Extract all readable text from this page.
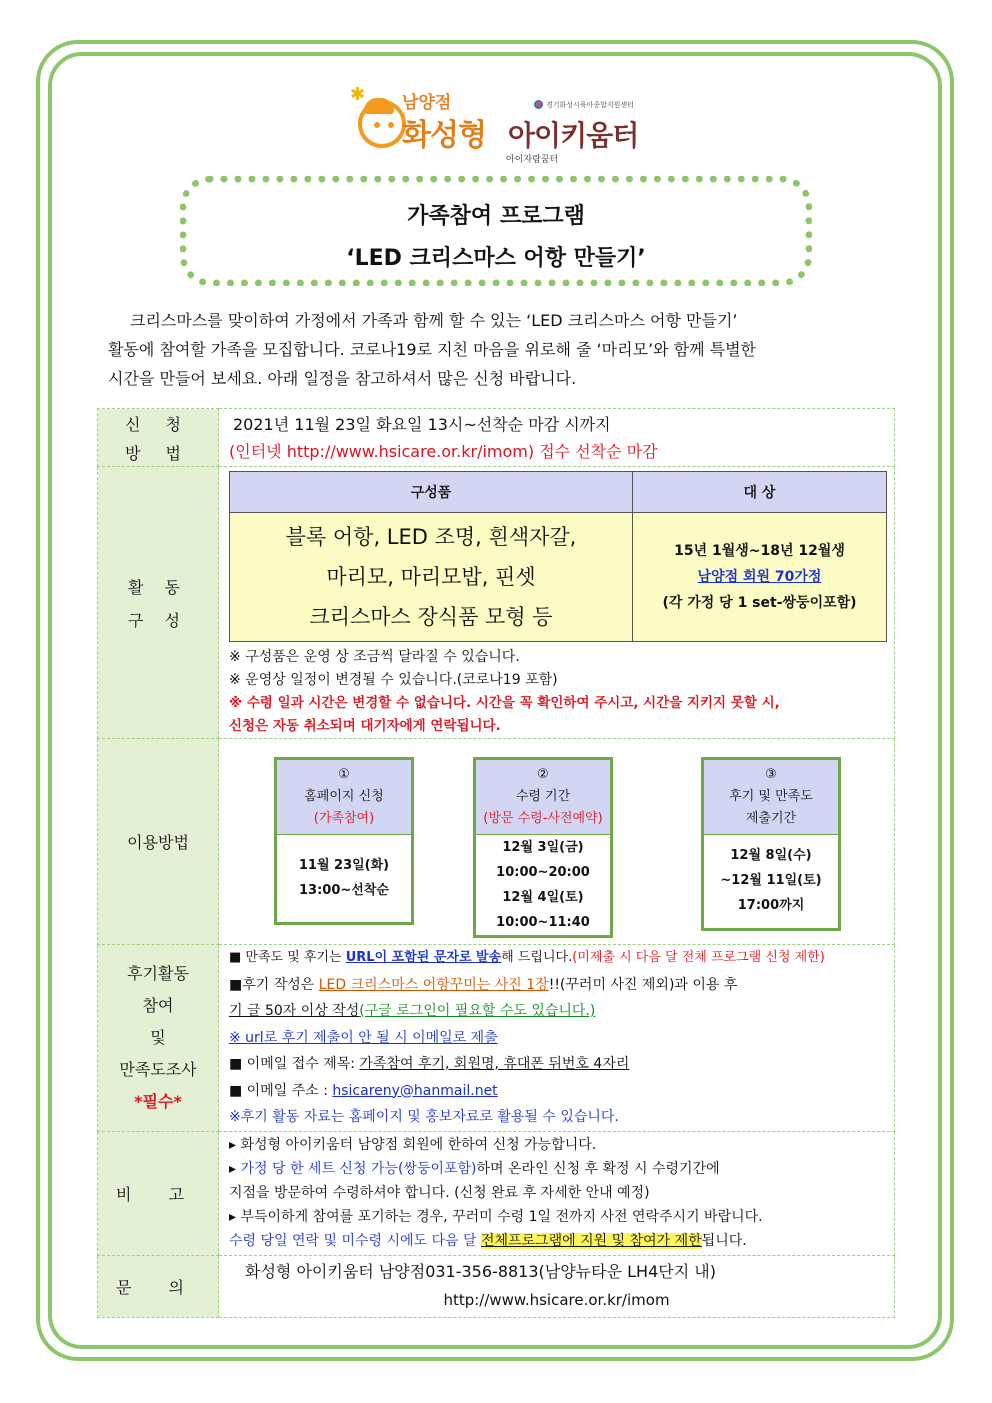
✱ 남양점
화성형 아이키움터
아이자람꿈터
경기화성시육아종합지원센터
가족참여 프로그램
‘LED 크리스마스 어항 만들기’
크리스마스를 맞이하여 가정에서 가족과 함께 할 수 있는 ‘LED 크리스마스 어항 만들기’
활동에 참여할 가족을 모집합니다. 코로나19로 지친 마음을 위로해 줄 ‘마리모’와 함께 특별한
시간을 만들어 보세요. 아래 일정을 참고하셔서 많은 신청 바랍니다.
신 청
방 법

2021년 11월 23일 화요일 13시~선착순 마감 시까지
(인터넷 http://www.hsicare.or.kr/imom) 접수 선착순 마감

활 동
구 성

구성품	대 상

블록 어항, LED 조명, 흰색자갈,
마리모, 마리모밥, 핀셋
크리스마스 장식품 모형 등

15년 1월생~18년 12월생
남양점 회원 70가정
(각 가정 당 1 set-쌍둥이포함)
※ 구성품은 운영 상 조금씩 달라질 수 있습니다.
※ 운영상 일정이 변경될 수 있습니다.(코로나19 포함)
※ 수령 일과 시간은 변경할 수 없습니다. 시간을 꼭 확인하여 주시고, 시간을 지키지 못할 시,
신청은 자동 취소되며 대기자에게 연락됩니다.

이용방법	
①
홈페이지 신청
(가족참여)
11월 23일(화)
13:00~선착순
②
수령 기간
(방문 수령-사전예약)
12월 3일(금)
10:00~20:00
12월 4일(토)
10:00~11:40
③
후기 및 만족도
제출기간
12월 8일(수)
~12월 11일(토)
17:00까지

후기활동
참여
및
만족도조사
*필수*

■ 만족도 및 후기는 URL이 포함된 문자로 발송해 드립니다.(미제출 시 다음 달 전체 프로그램 신청 제한)
■후기 작성은 LED 크리스마스 어항꾸미는 사진 1장!!(꾸러미 사진 제외)과 이용 후
기 글 50자 이상 작성(구글 로그인이 필요할 수도 있습니다.)
※ url로 후기 제출이 안 될 시 이메일로 제출
■ 이메일 접수 제목: 가족참여 후기, 회원명, 휴대폰 뒤번호 4자리
■ 이메일 주소 : hsicareny@hanmail.net
※후기 활동 자료는 홈페이지 및 홍보자료로 활용될 수 있습니다.

비 고	
▸ 화성형 아이키움터 남양점 회원에 한하여 신청 가능합니다.
▸ 가정 당 한 세트 신청 가능(쌍둥이포함)하며 온라인 신청 후 확정 시 수령기간에
지점을 방문하여 수령하셔야 합니다. (신청 완료 후 자세한 안내 예정)
▸ 부득이하게 참여를 포기하는 경우, 꾸러미 수령 1일 전까지 사전 연락주시기 바랍니다.
수령 당일 연락 및 미수령 시에도 다음 달 전체프로그램에 지원 및 참여가 제한됩니다.

문 의	
화성형 아이키움터 남양점031-356-8813(남양뉴타운 LH4단지 내)
http://www.hsicare.or.kr/imom
